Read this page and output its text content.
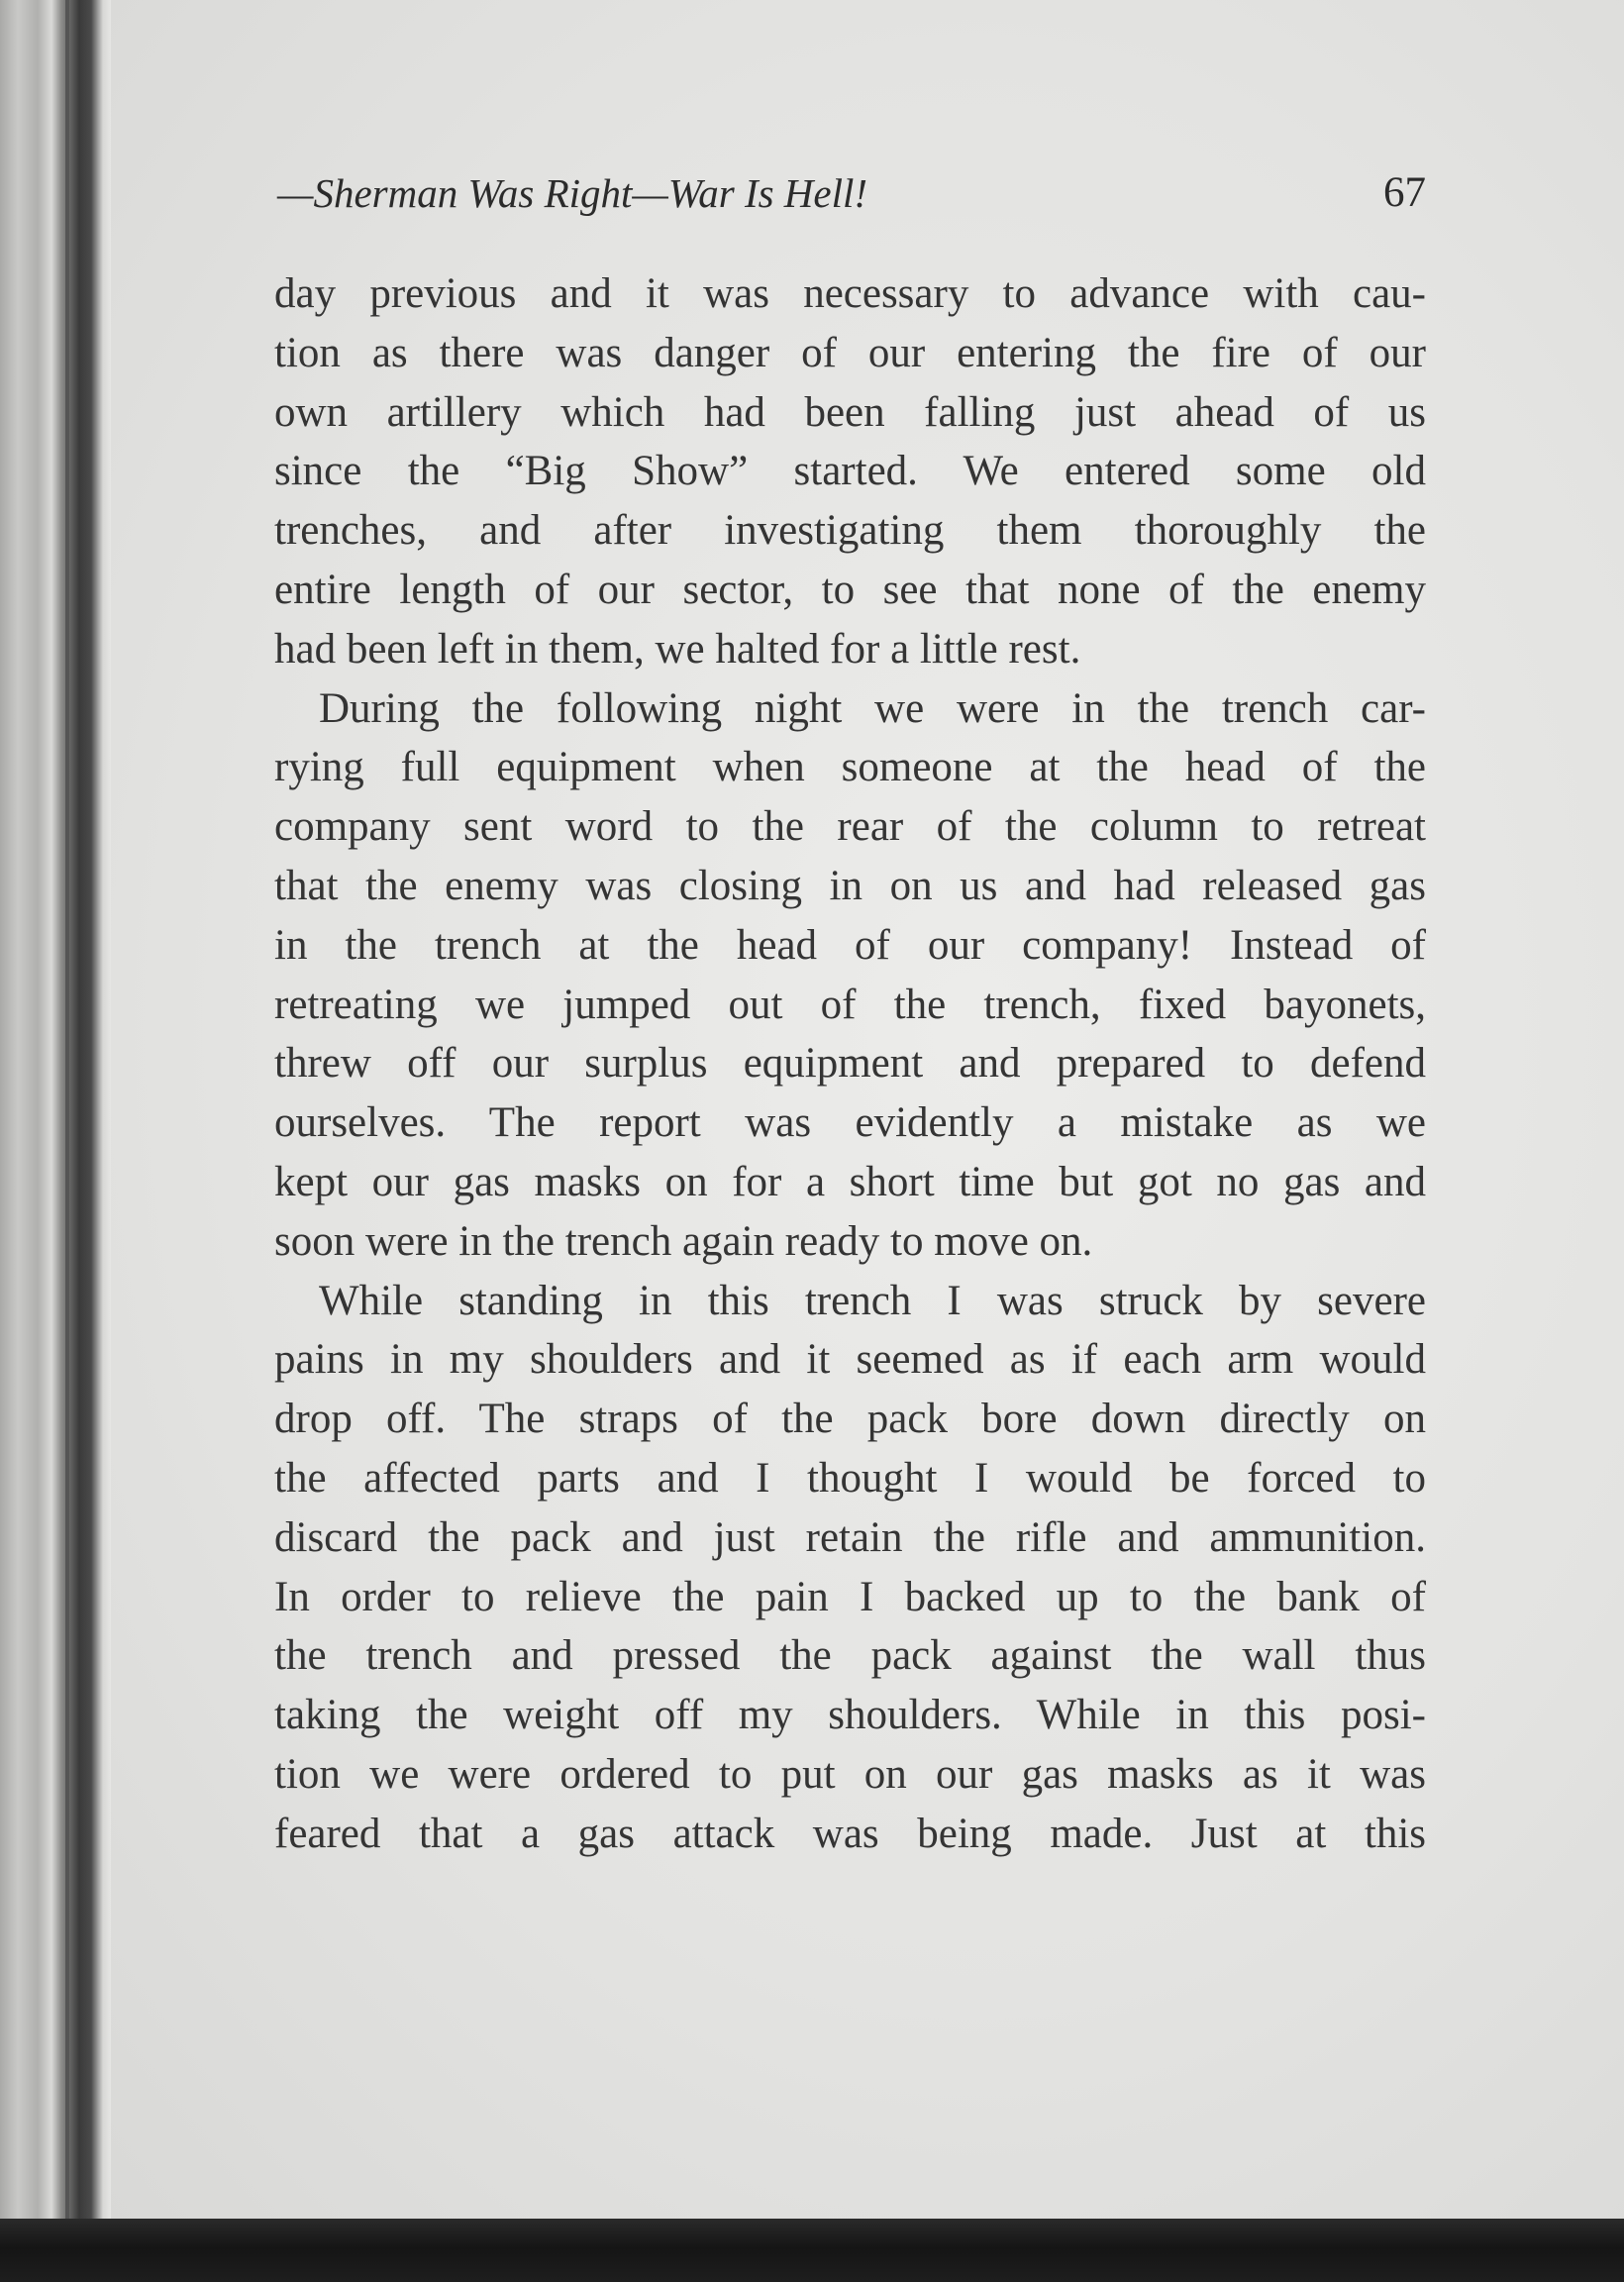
—Sherman Was Right—War Is Hell!	67
day previous and it was necessary to advance with cau-
tion as there was danger of our entering the fire of our
own artillery which had been falling just ahead of us
since the “Big Show” started. We entered some old
trenches, and after investigating them thoroughly the
entire length of our sector, to see that none of the enemy
had been left in them, we halted for a little rest.
During the following night we were in the trench car-
rying full equipment when someone at the head of the
company sent word to the rear of the column to retreat
that the enemy was closing in on us and had released gas
in the trench at the head of our company! Instead of
retreating we jumped out of the trench, fixed bayonets,
threw off our surplus equipment and prepared to defend
ourselves. The report was evidently a mistake as we
kept our gas masks on for a short time but got no gas and
soon were in the trench again ready to move on.
While standing in this trench I was struck by severe
pains in my shoulders and it seemed as if each arm would
drop off. The straps of the pack bore down directly on
the affected parts and I thought I would be forced to
discard the pack and just retain the rifle and ammunition.
In order to relieve the pain I backed up to the bank of
the trench and pressed the pack against the wall thus
taking the weight off my shoulders. While in this posi-
tion we were ordered to put on our gas masks as it was
feared that a gas attack was being made. Just at this
